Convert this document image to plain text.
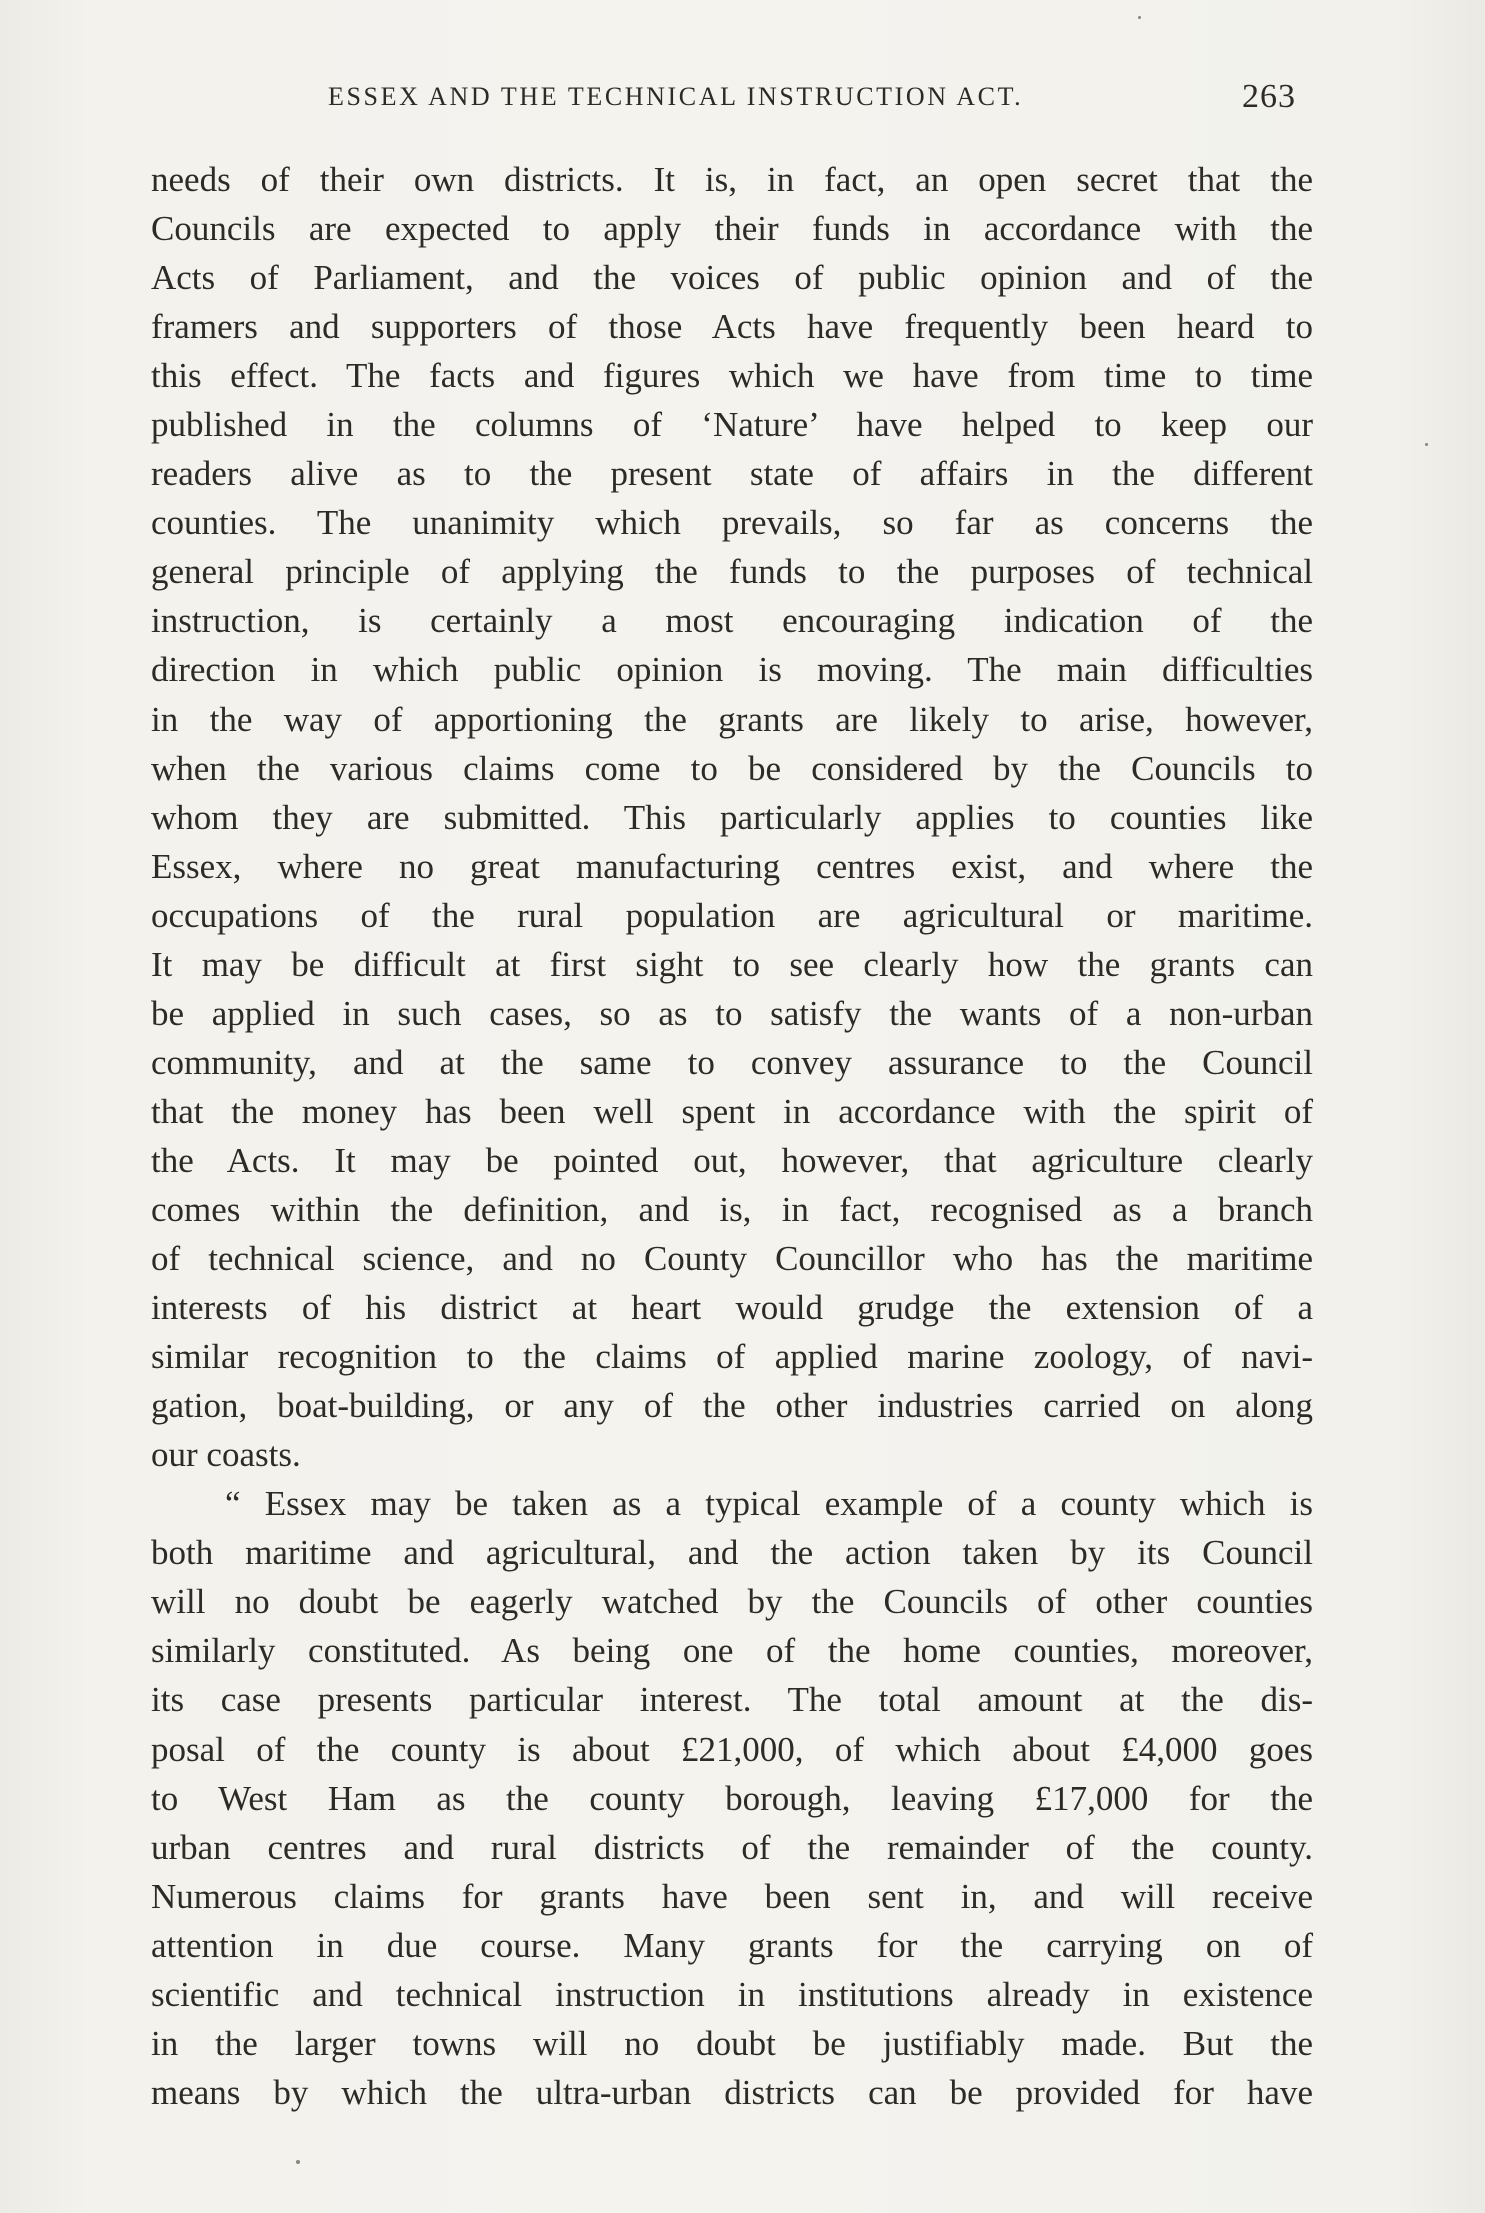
ESSEX AND THE TECHNICAL INSTRUCTION ACT.	263
needs of their own districts. It is, in fact, an open secret that the
Councils are expected to apply their funds in accordance with the
Acts of Parliament, and the voices of public opinion and of the
framers and supporters of those Acts have frequently been heard to
this effect. The facts and figures which we have from time to time
published in the columns of ‘Nature’ have helped to keep our
readers alive as to the present state of affairs in the different
counties. The unanimity which prevails, so far as concerns the
general principle of applying the funds to the purposes of technical
instruction, is certainly a most encouraging indication of the
direction in which public opinion is moving. The main difficulties
in the way of apportioning the grants are likely to arise, however,
when the various claims come to be considered by the Councils to
whom they are submitted. This particularly applies to counties like
Essex, where no great manufacturing centres exist, and where the
occupations of the rural population are agricultural or maritime.
It may be difficult at first sight to see clearly how the grants can
be applied in such cases, so as to satisfy the wants of a non-urban
community, and at the same to convey assurance to the Council
that the money has been well spent in accordance with the spirit of
the Acts. It may be pointed out, however, that agriculture clearly
comes within the definition, and is, in fact, recognised as a branch
of technical science, and no County Councillor who has the maritime
interests of his district at heart would grudge the extension of a
similar recognition to the claims of applied marine zoology, of navi-
gation, boat-building, or any of the other industries carried on along
our coasts.
“ Essex may be taken as a typical example of a county which is
both maritime and agricultural, and the action taken by its Council
will no doubt be eagerly watched by the Councils of other counties
similarly constituted. As being one of the home counties, moreover,
its case presents particular interest. The total amount at the dis-
posal of the county is about £21,000, of which about £4,000 goes
to West Ham as the county borough, leaving £17,000 for the
urban centres and rural districts of the remainder of the county.
Numerous claims for grants have been sent in, and will receive
attention in due course. Many grants for the carrying on of
scientific and technical instruction in institutions already in existence
in the larger towns will no doubt be justifiably made. But the
means by which the ultra-urban districts can be provided for have
